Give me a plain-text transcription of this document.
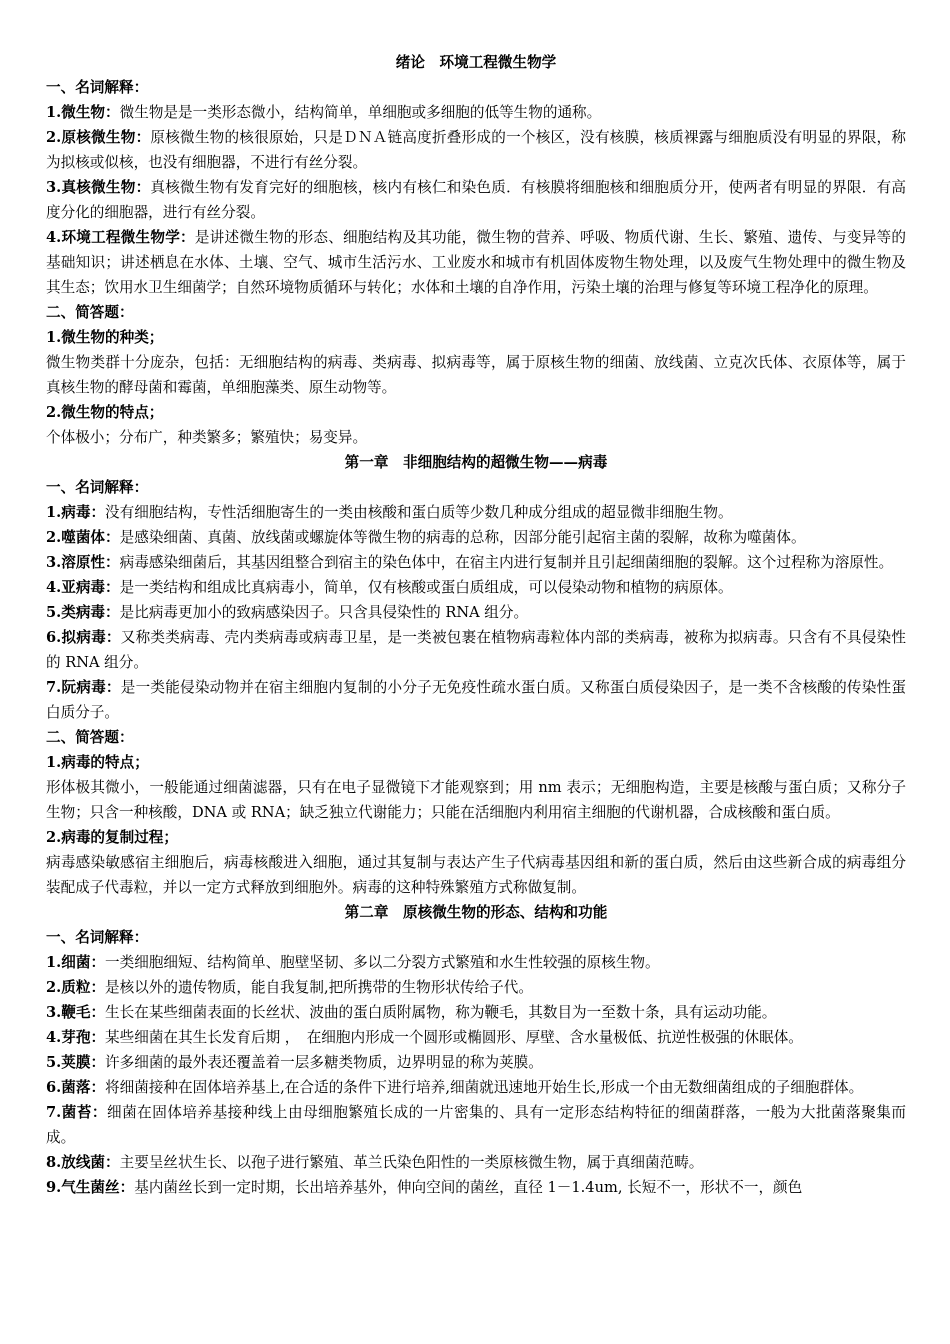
绪论　环境工程微生物学
一、名词解释：
1.微生物：微生物是是一类形态微小，结构简单，单细胞或多细胞的低等生物的通称。
2.原核微生物：原核微生物的核很原始，只是ＤＮＡ链高度折叠形成的一个核区，没有核膜，核质裸露与细胞质没有明显的界限，称为拟核或似核，也没有细胞器，不进行有丝分裂。
3.真核微生物：真核微生物有发育完好的细胞核，核内有核仁和染色质．有核膜将细胞核和细胞质分开，使两者有明显的界限．有高度分化的细胞器，进行有丝分裂。
4.环境工程微生物学：是讲述微生物的形态、细胞结构及其功能，微生物的营养、呼吸、物质代谢、生长、繁殖、遗传、与变异等的基础知识；讲述栖息在水体、土壤、空气、城市生活污水、工业废水和城市有机固体废物生物处理，以及废气生物处理中的微生物及其生态；饮用水卫生细菌学；自然环境物质循环与转化；水体和土壤的自净作用，污染土壤的治理与修复等环境工程净化的原理。
二、简答题：
1.微生物的种类；
微生物类群十分庞杂，包括：无细胞结构的病毒、类病毒、拟病毒等，属于原核生物的细菌、放线菌、立克次氏体、衣原体等，属于真核生物的酵母菌和霉菌，单细胞藻类、原生动物等。
2.微生物的特点；
个体极小；分布广，种类繁多；繁殖快；易变异。
第一章　非细胞结构的超微生物——病毒
一、名词解释：
1.病毒：没有细胞结构，专性活细胞寄生的一类由核酸和蛋白质等少数几种成分组成的超显微非细胞生物。
2.噬菌体：是感染细菌、真菌、放线菌或螺旋体等微生物的病毒的总称，因部分能引起宿主菌的裂解，故称为噬菌体。
3.溶原性：病毒感染细菌后，其基因组整合到宿主的染色体中，在宿主内进行复制并且引起细菌细胞的裂解。这个过程称为溶原性。
4.亚病毒：是一类结构和组成比真病毒小，简单，仅有核酸或蛋白质组成，可以侵染动物和植物的病原体。
5.类病毒：是比病毒更加小的致病感染因子。只含具侵染性的 RNA 组分。
6.拟病毒：又称类类病毒、壳内类病毒或病毒卫星，是一类被包裹在植物病毒粒体内部的类病毒，被称为拟病毒。只含有不具侵染性的 RNA 组分。
7.阮病毒：是一类能侵染动物并在宿主细胞内复制的小分子无免疫性疏水蛋白质。又称蛋白质侵染因子，是一类不含核酸的传染性蛋白质分子。
二、简答题：
1.病毒的特点；
形体极其微小，一般能通过细菌滤器，只有在电子显微镜下才能观察到；用 nm 表示；无细胞构造，主要是核酸与蛋白质；又称分子生物；只含一种核酸，DNA 或 RNA；缺乏独立代谢能力；只能在活细胞内利用宿主细胞的代谢机器，合成核酸和蛋白质。
2.病毒的复制过程；
病毒感染敏感宿主细胞后，病毒核酸进入细胞，通过其复制与表达产生子代病毒基因组和新的蛋白质，然后由这些新合成的病毒组分装配成子代毒粒，并以一定方式释放到细胞外。病毒的这种特殊繁殖方式称做复制。
第二章　原核微生物的形态、结构和功能
一、名词解释：
1.细菌：一类细胞细短、结构简单、胞壁坚韧、多以二分裂方式繁殖和水生性较强的原核生物。
2.质粒：是核以外的遗传物质，能自我复制,把所携带的生物形状传给子代。
3.鞭毛：生长在某些细菌表面的长丝状、波曲的蛋白质附属物，称为鞭毛，其数目为一至数十条，具有运动功能。
4.芽孢：某些细菌在其生长发育后期 ，　在细胞内形成一个圆形或椭圆形、厚壁、含水量极低、抗逆性极强的休眠体。
5.荚膜：许多细菌的最外表还覆盖着一层多糖类物质，边界明显的称为荚膜。
6.菌落：将细菌接种在固体培养基上,在合适的条件下进行培养,细菌就迅速地开始生长,形成一个由无数细菌组成的子细胞群体。
7.菌苔：细菌在固体培养基接种线上由母细胞繁殖长成的一片密集的、具有一定形态结构特征的细菌群落，一般为大批菌落聚集而成。
8.放线菌：主要呈丝状生长、以孢子进行繁殖、革兰氏染色阳性的一类原核微生物，属于真细菌范畴。
9.气生菌丝：基内菌丝长到一定时期，长出培养基外，伸向空间的菌丝，直径 1－1.4um, 长短不一，形状不一，颜色
